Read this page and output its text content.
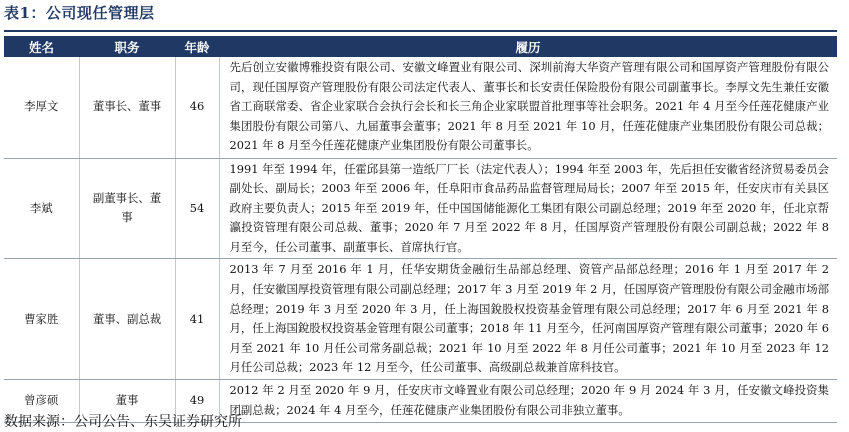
表1：公司现任管理层
姓名	职务	年龄	履历
李厚文	董事长、董事	46	先后创立安徽博雅投资有限公司、安徽文峰置业有限公司、深圳前海大华资产管理有限公司和国厚资产管理股份有限公司，现任国厚资产管理股份有限公司法定代表人、董事长和长安责任保险股份有限公司副董事长。李厚文先生兼任安徽省工商联常委、省企业家联合会执行会长和长三角企业家联盟首批理事等社会职务。2021 年 4 月至今任莲花健康产业集团股份有限公司第八、九届董事会董事；2021 年 8 月至 2021 年 10 月，任莲花健康产业集团股份有限公司总裁；2021 年 8 月至今任莲花健康产业集团股份有限公司董事长。
李斌	副董事长、董事	54	1991 年至 1994 年，任霍邱县第一造纸厂厂长（法定代表人）；1994 年至 2003 年，先后担任安徽省经济贸易委员会副处长、副局长；2003 年至 2006 年，任阜阳市食品药品监督管理局局长；2007 年至 2015 年，任安庆市有关县区政府主要负责人；2015 年至 2019 年，任中国国储能源化工集团有限公司副总经理；2019 年至 2020 年，任北京帮瀛投资管理有限公司总裁、董事；2020 年 7 月至 2022 年 8 月，任国厚资产管理股份有限公司副总裁；2022 年 8 月至今，任公司董事、副董事长、首席执行官。
曹家胜	董事、副总裁	41	2013 年 7 月至 2016 年 1 月，任华安期货金融衍生品部总经理、资管产品部总经理；2016 年 1 月至 2017 年 2 月，任安徽国厚投资管理有限公司副总经理；2017 年 3 月至 2019 年 2 月，任国厚资产管理股份有限公司金融市场部总经理；2019 年 3 月至 2020 年 3 月，任上海国銳股权投资基金管理有限公司总经理；2017 年 6 月至 2021 年 8 月，任上海国銳股权投资基金管理有限公司董事；2018 年 11 月至今，任河南国厚资产管理有限公司董事；2020 年 6 月至 2021 年 10 月任公司常务副总裁；2021 年 10 月至 2022 年 8 月任公司董事；2021 年 10 月至 2023 年 12 月任公司总裁；2023 年 12 月至今，任公司董事、高级副总裁兼首席科技官。
曾彦硕	董事	49	2012 年 2 月至 2020 年 9 月，任安庆市文峰置业有限公司总经理；2020 年 9 月 2024 年 3 月，任安徽文峰投资集团副总裁；2024 年 4 月至今，任莲花健康产业集团股份有限公司非独立董事。
数据来源：公司公告、东吴证券研究所
